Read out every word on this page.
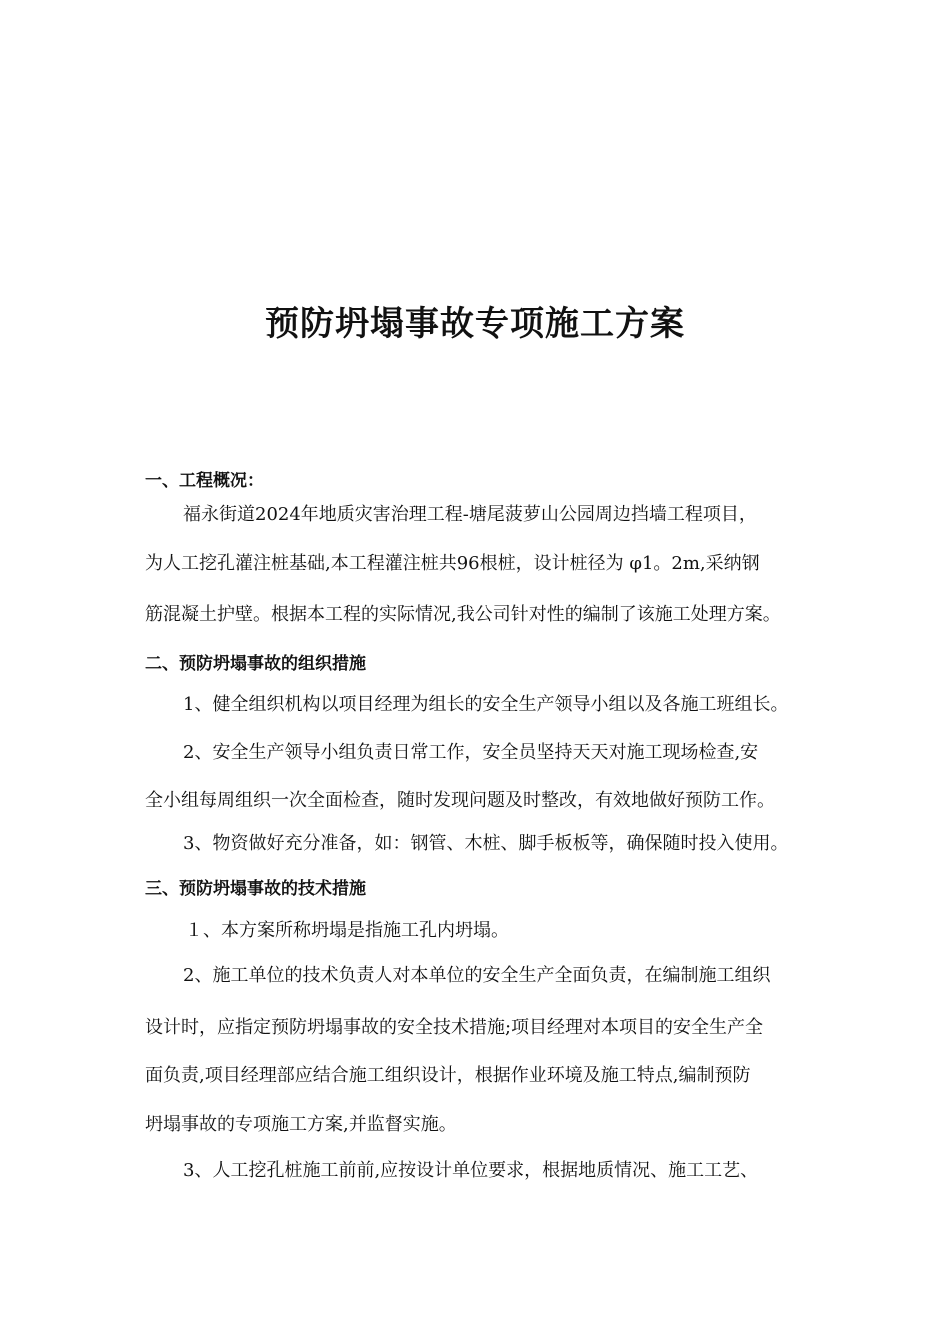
预防坍塌事故专项施工方案
一、工程概况：
福永街道2024年地质灾害治理工程-塘尾菠萝山公园周边挡墙工程项目，
为人工挖孔灌注桩基础,本工程灌注桩共96根桩，设计桩径为 φ1。2m,采纳钢
筋混凝土护壁。根据本工程的实际情况,我公司针对性的编制了该施工处理方案。
二、预防坍塌事故的组织措施
1、健全组织机构以项目经理为组长的安全生产领导小组以及各施工班组长。
2、安全生产领导小组负责日常工作，安全员坚持天天对施工现场检查,安
全小组每周组织一次全面检查，随时发现问题及时整改，有效地做好预防工作。
3、物资做好充分准备，如：钢管、木桩、脚手板板等，确保随时投入使用。
三、预防坍塌事故的技术措施
１、本方案所称坍塌是指施工孔内坍塌。
2、施工单位的技术负责人对本单位的安全生产全面负责，在编制施工组织
设计时，应指定预防坍塌事故的安全技术措施;项目经理对本项目的安全生产全
面负责,项目经理部应结合施工组织设计，根据作业环境及施工特点,编制预防
坍塌事故的专项施工方案,并监督实施。
3、人工挖孔桩施工前前,应按设计单位要求，根据地质情况、施工工艺、
